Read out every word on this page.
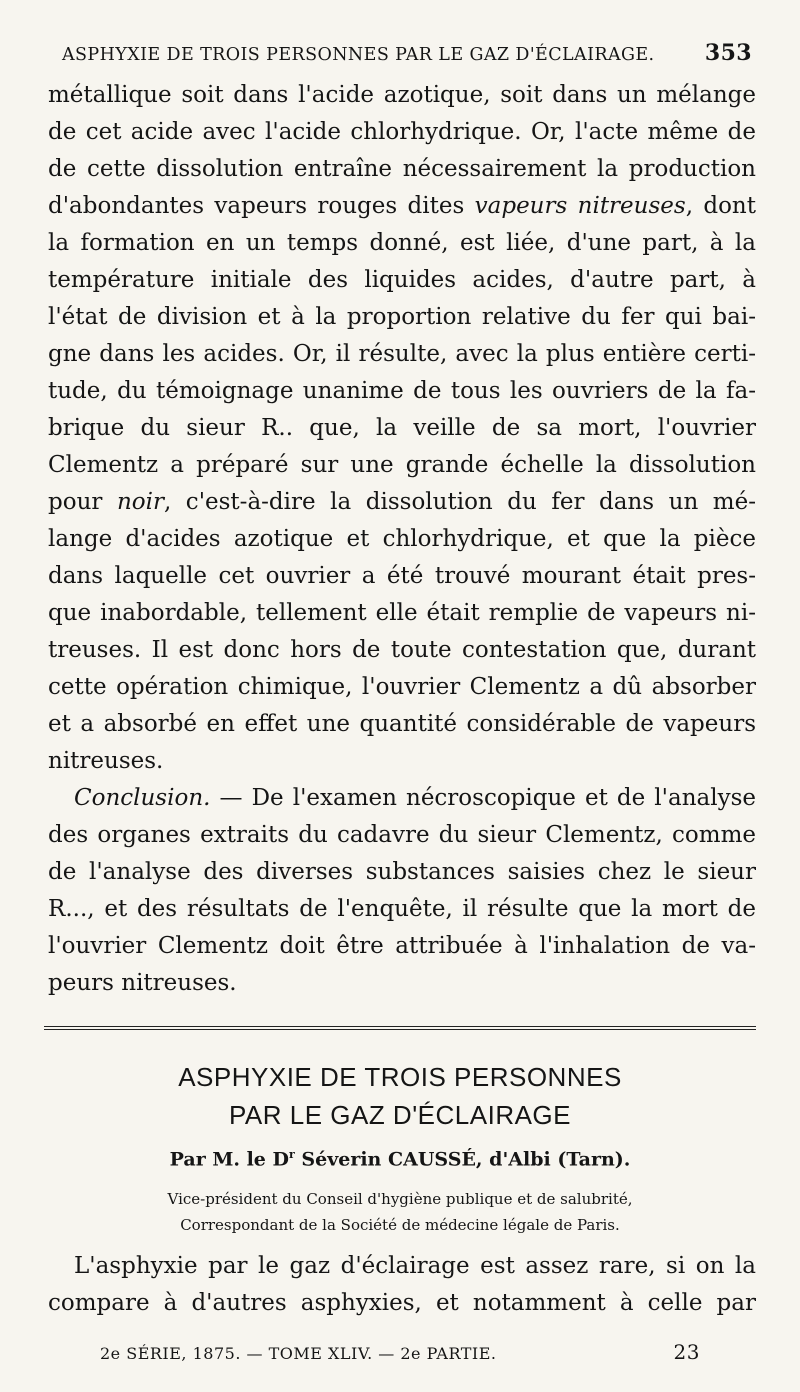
ASPHYXIE DE TROIS PERSONNES PAR LE GAZ D'ÉCLAIRAGE. 353
métallique soit dans l'acide azotique, soit dans un mélange
de cet acide avec l'acide chlorhydrique. Or, l'acte même de
de cette dissolution entraîne nécessairement la production
d'abondantes vapeurs rouges dites vapeurs nitreuses, dont
la formation en un temps donné, est liée, d'une part, à la
température initiale des liquides acides, d'autre part, à
l'état de division et à la proportion relative du fer qui bai-
gne dans les acides. Or, il résulte, avec la plus entière certi-
tude, du témoignage unanime de tous les ouvriers de la fa-
brique du sieur R.. que, la veille de sa mort, l'ouvrier
Clementz a préparé sur une grande échelle la dissolution
pour noir, c'est-à-dire la dissolution du fer dans un mé-
lange d'acides azotique et chlorhydrique, et que la pièce
dans laquelle cet ouvrier a été trouvé mourant était pres-
que inabordable, tellement elle était remplie de vapeurs ni-
treuses. Il est donc hors de toute contestation que, durant
cette opération chimique, l'ouvrier Clementz a dû absorber
et a absorbé en effet une quantité considérable de vapeurs
nitreuses.
Conclusion. — De l'examen nécroscopique et de l'analyse
des organes extraits du cadavre du sieur Clementz, comme
de l'analyse des diverses substances saisies chez le sieur
R..., et des résultats de l'enquête, il résulte que la mort de
l'ouvrier Clementz doit être attribuée à l'inhalation de va-
peurs nitreuses.
ASPHYXIE DE TROIS PERSONNES
PAR LE GAZ D'ÉCLAIRAGE
Par M. le $D^r$ Séverin CAUSSÉ, d'Albi (Tarn).
Vice-président du Conseil d'hygiène publique et de salubrité,
Correspondant de la Société de médecine légale de Paris.
L'asphyxie par le gaz d'éclairage est assez rare, si on la
compare à d'autres asphyxies, et notamment à celle par
2e SÉRIE, 1875. — TOME XLIV. — 2e PARTIE.	23
